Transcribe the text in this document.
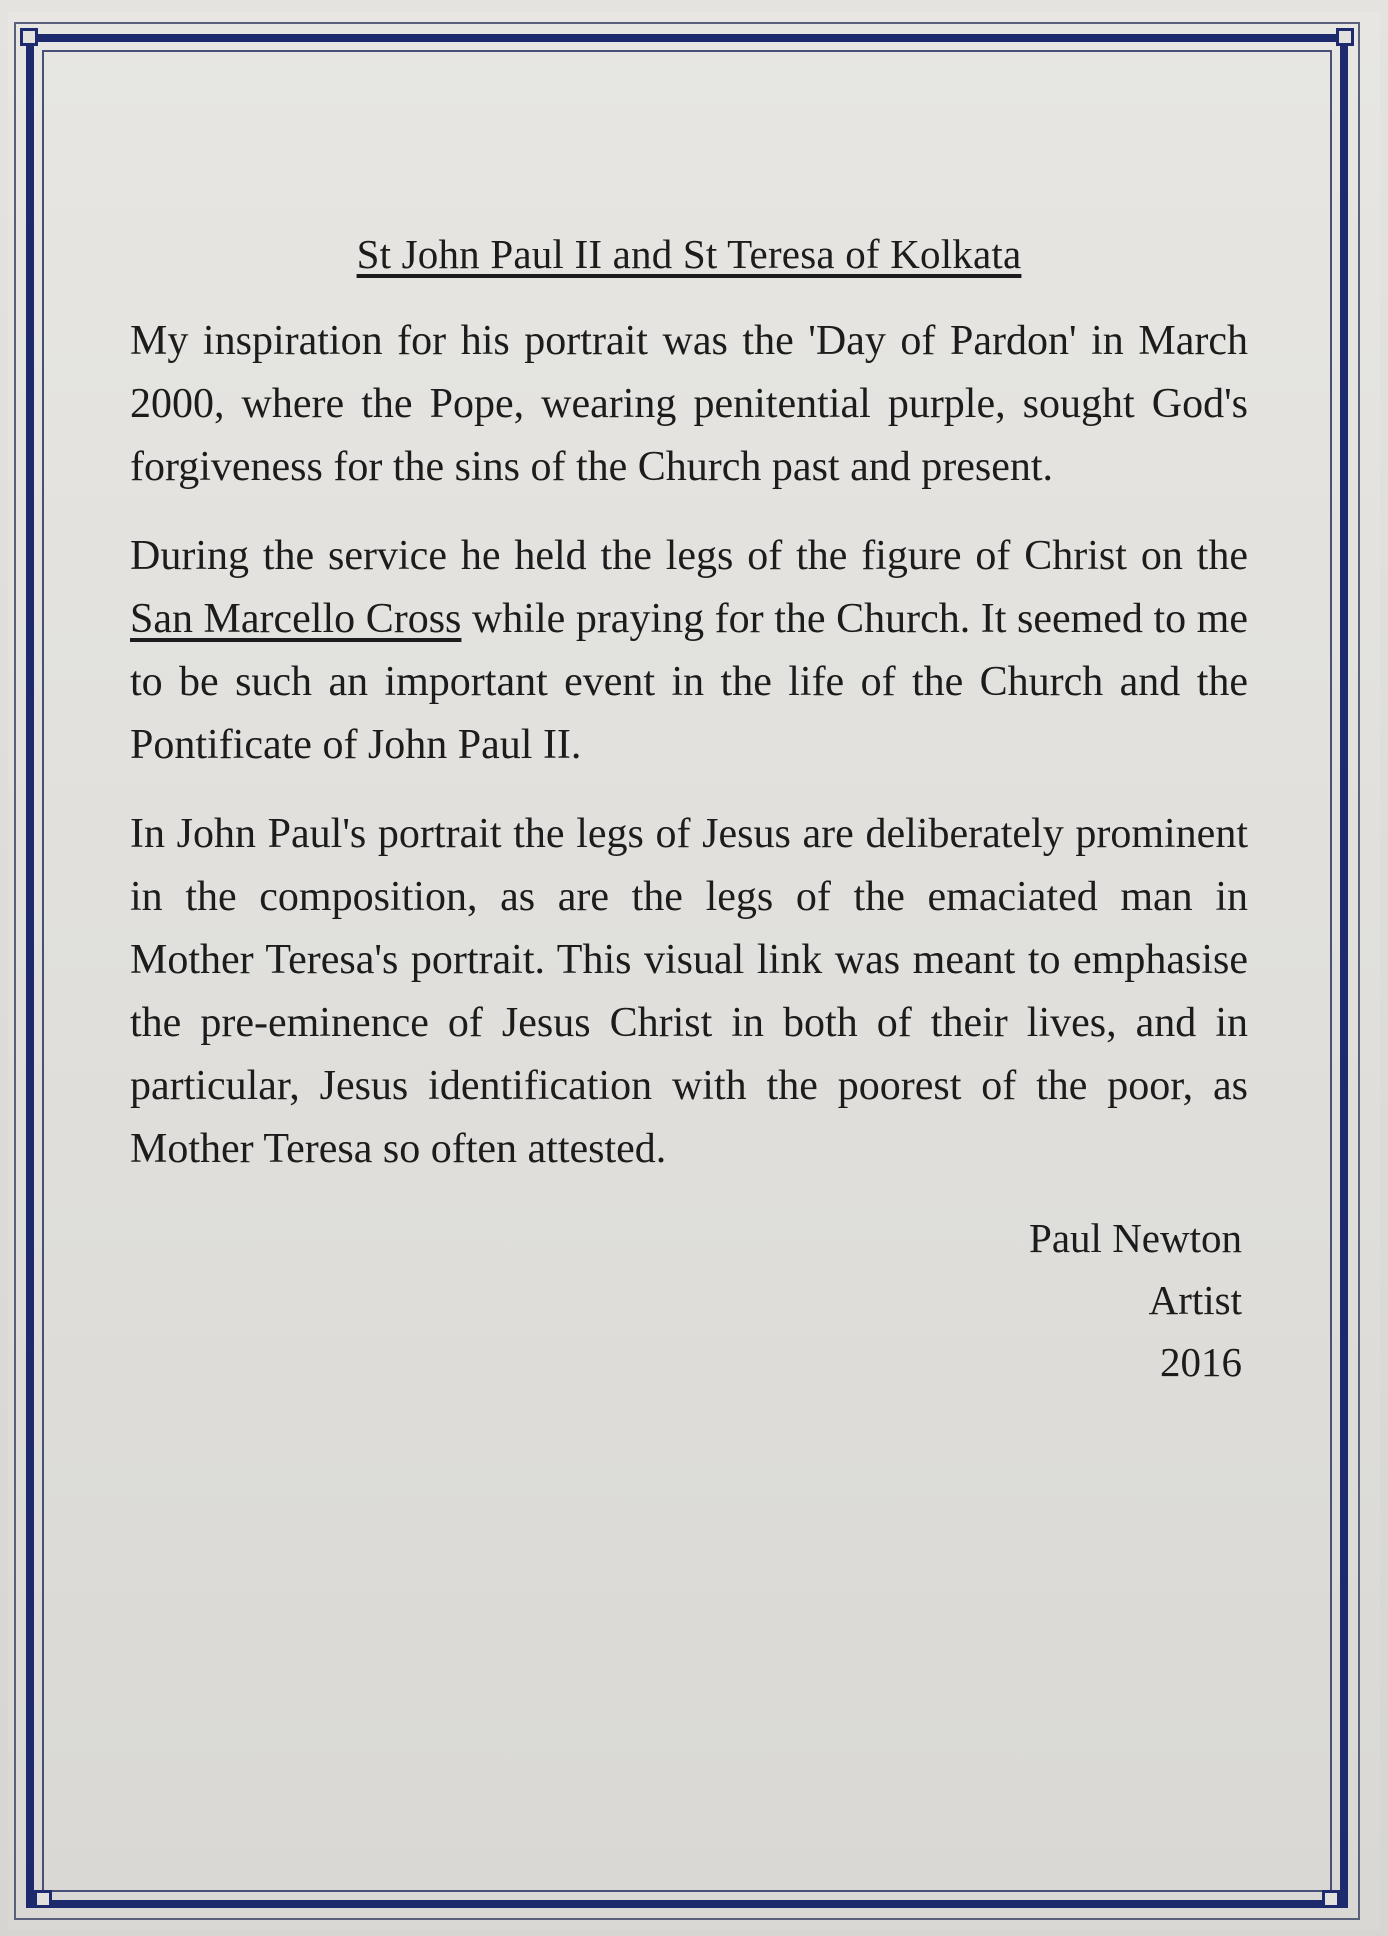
St John Paul II and St Teresa of Kolkata

My inspiration for his portrait was the 'Day of Pardon' in March 2000, where the Pope, wearing penitential purple, sought God's forgiveness for the sins of the Church past and present.

During the service he held the legs of the figure of Christ on the San Marcello Cross while praying for the Church. It seemed to me to be such an important event in the life of the Church and the Pontificate of John Paul II.

In John Paul's portrait the legs of Jesus are deliberately prominent in the composition, as are the legs of the emaciated man in Mother Teresa's portrait. This visual link was meant to emphasise the pre-eminence of Jesus Christ in both of their lives, and in particular, Jesus identification with the poorest of the poor, as Mother Teresa so often attested.

Paul Newton
Artist
2016
